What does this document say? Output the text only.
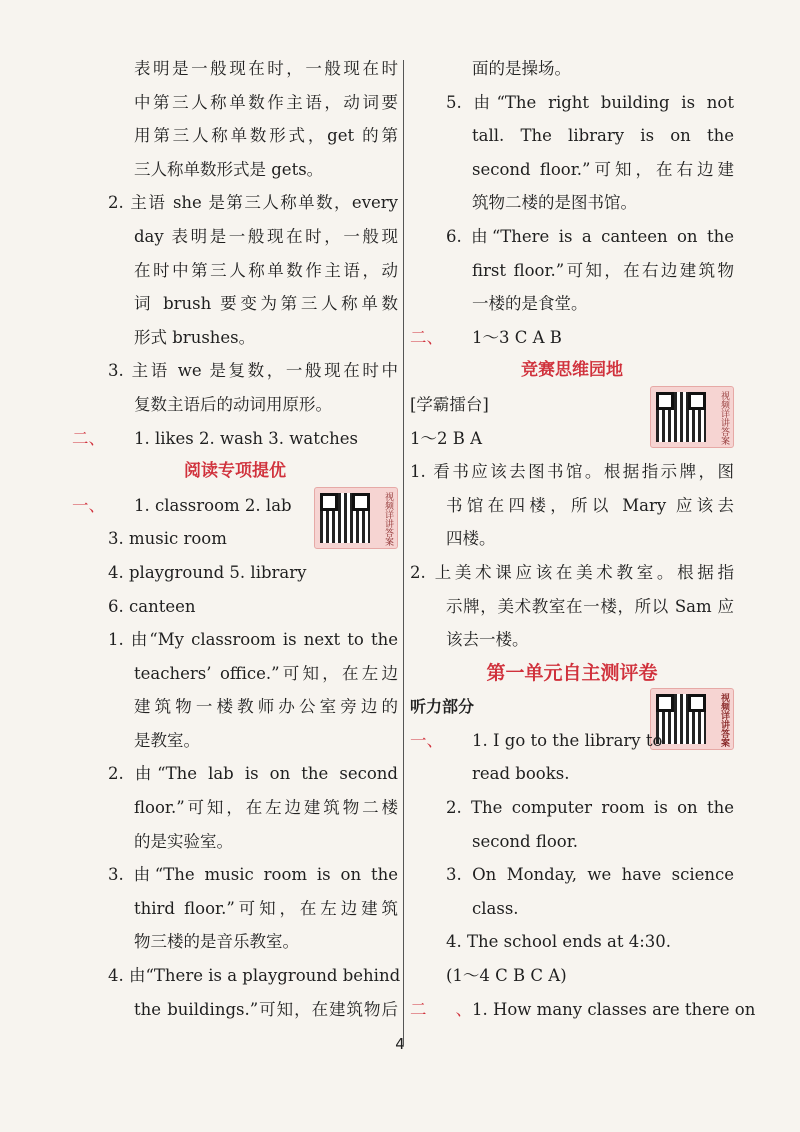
表明是一般现在时，一般现在时
中第三人称单数作主语，动词要
用第三人称单数形式，get 的第
三人称单数形式是 gets。
2. 主语 she 是第三人称单数，every
day 表明是一般现在时，一般现
在时中第三人称单数作主语，动
词 brush 要变为第三人称单数
形式 brushes。
3. 主语 we 是复数，一般现在时中
复数主语后的动词用原形。
二、 1. likes 2. wash 3. watches
阅读专项提优
一、 1. classroom 2. lab	视频详讲答案
3. music room
4. playground 5. library
6. canteen
1. 由“My classroom is next to the
teachers’ office.”可知，在左边
建筑物一楼教师办公室旁边的
是教室。
2. 由“The lab is on the second
floor.”可知，在左边建筑物二楼
的是实验室。
3. 由“The music room is on the
third floor.”可知，在左边建筑
物三楼的是音乐教室。
4. 由“There is a playground behind
the buildings.”可知，在建筑物后
面的是操场。
5. 由“The right building is not
tall. The library is on the
second floor.”可知，在右边建
筑物二楼的是图书馆。
6. 由“There is a canteen on the
first floor.”可知，在右边建筑物
一楼的是食堂。
二、 1～3 C A B
竞赛思维园地
[学霸擂台]	视频详讲答案
1～2 B A
1. 看书应该去图书馆。根据指示牌，图
书馆在四楼，所以 Mary 应该去
四楼。
2. 上美术课应该在美术教室。根据指
示牌，美术教室在一楼，所以 Sam 应
该去一楼。
第一单元自主测评卷
听力部分	视频详讲答案
一、 1. I go to the library to
read books.
2. The computer room is on the
second floor.
3. On Monday, we have science
class.
4. The school ends at 4:30.
(1～4 C B C A)
二、1. How many classes are there on
4
